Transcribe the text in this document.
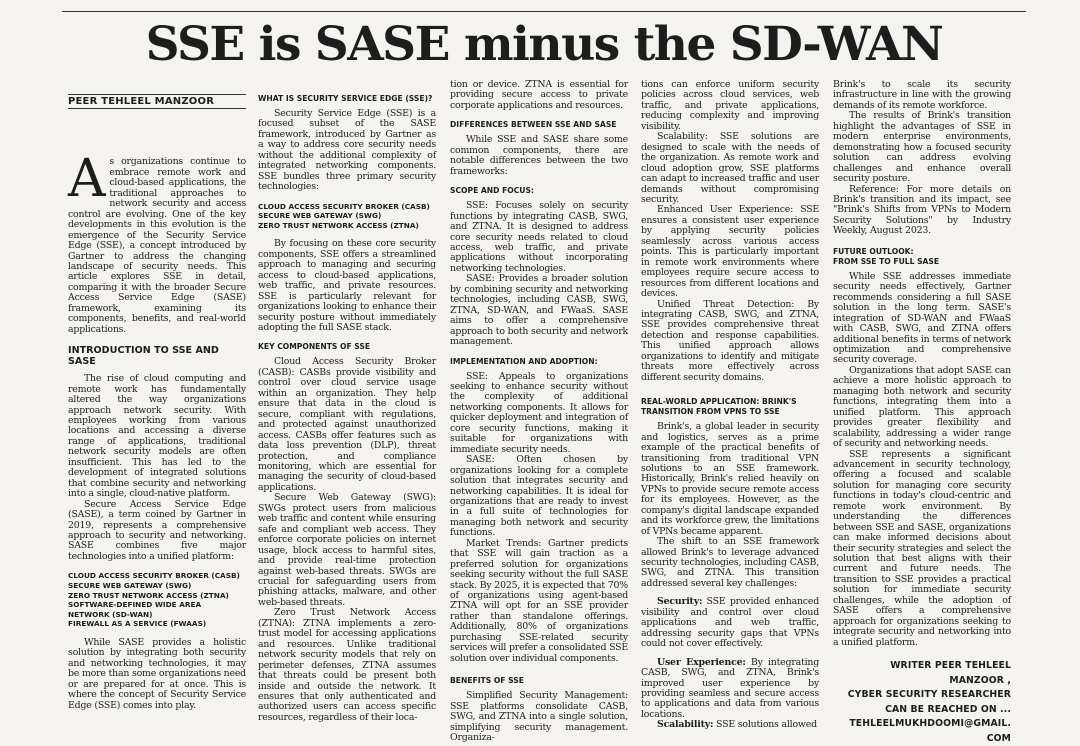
SSE is SASE minus the SD-WAN
PEER TEHLEEL MANZOOR

As organizations continue to embrace remote work and cloud-based applications, the traditional approaches to network security and access control are evolving. One of the key developments in this evolution is the emergence of the Security Service Edge (SSE), a concept introduced by Gartner to address the changing landscape of security needs. This article explores SSE in detail, comparing it with the broader Secure Access Service Edge (SASE) framework, examining its components, benefits, and real-world applications.

INTRODUCTION TO SSE AND SASE

The rise of cloud computing and remote work has fundamentally altered the way organizations approach network security. With employees working from various locations and accessing a diverse range of applications, traditional network security models are often insufficient. This has led to the development of integrated solutions that combine security and networking into a single, cloud-native platform.

Secure Access Service Edge (SASE), a term coined by Gartner in 2019, represents a comprehensive approach to security and networking. SASE combines five major technologies into a unified platform:

CLOUD ACCESS SECURITY BROKER (CASB)
SECURE WEB GATEWAY (SWG)
ZERO TRUST NETWORK ACCESS (ZTNA)
SOFTWARE-DEFINED WIDE AREA
NETWORK (SD-WAN)
FIREWALL AS A SERVICE (FWAAS)

While SASE provides a holistic solution by integrating both security and networking technologies, it may be more than some organizations need or are prepared for at once. This is where the concept of Security Service Edge (SSE) comes into play.

WHAT IS SECURITY SERVICE EDGE (SSE)?

Security Service Edge (SSE) is a focused subset of the SASE framework, introduced by Gartner as a way to address core security needs without the additional complexity of integrated networking components. SSE bundles three primary security technologies:

CLOUD ACCESS SECURITY BROKER (CASB)
SECURE WEB GATEWAY (SWG)
ZERO TRUST NETWORK ACCESS (ZTNA)

By focusing on these core security components, SSE offers a streamlined approach to managing and securing access to cloud-based applications, web traffic, and private resources. SSE is particularly relevant for organizations looking to enhance their security posture without immediately adopting the full SASE stack.

KEY COMPONENTS OF SSE

Cloud Access Security Broker (CASB): CASBs provide visibility and control over cloud service usage within an organization. They help ensure that data in the cloud is secure, compliant with regulations, and protected against unauthorized access. CASBs offer features such as data loss prevention (DLP), threat protection, and compliance monitoring, which are essential for managing the security of cloud-based applications.

Secure Web Gateway (SWG): SWGs protect users from malicious web traffic and content while ensuring safe and compliant web access. They enforce corporate policies on internet usage, block access to harmful sites, and provide real-time protection against web-based threats. SWGs are crucial for safeguarding users from phishing attacks, malware, and other web-based threats.

Zero Trust Network Access (ZTNA): ZTNA implements a zero-trust model for accessing applications and resources. Unlike traditional network security models that rely on perimeter defenses, ZTNA assumes that threats could be present both inside and outside the network. It ensures that only authenticated and authorized users can access specific resources, regardless of their loca-

tion or device. ZTNA is essential for providing secure access to private corporate applications and resources.

DIFFERENCES BETWEEN SSE AND SASE

While SSE and SASE share some common components, there are notable differences between the two frameworks:

SCOPE AND FOCUS:

SSE: Focuses solely on security functions by integrating CASB, SWG, and ZTNA. It is designed to address core security needs related to cloud access, web traffic, and private applications without incorporating networking technologies.

SASE: Provides a broader solution by combining security and networking technologies, including CASB, SWG, ZTNA, SD-WAN, and FWaaS. SASE aims to offer a comprehensive approach to both security and network management.

IMPLEMENTATION AND ADOPTION:

SSE: Appeals to organizations seeking to enhance security without the complexity of additional networking components. It allows for quicker deployment and integration of core security functions, making it suitable for organizations with immediate security needs.

SASE: Often chosen by organizations looking for a complete solution that integrates security and networking capabilities. It is ideal for organizations that are ready to invest in a full suite of technologies for managing both network and security functions.

Market Trends: Gartner predicts that SSE will gain traction as a preferred solution for organizations seeking security without the full SASE stack. By 2025, it is expected that 70% of organizations using agent-based ZTNA will opt for an SSE provider rather than standalone offerings. Additionally, 80% of organizations purchasing SSE-related security services will prefer a consolidated SSE solution over individual components.

BENEFITS OF SSE

Simplified Security Management: SSE platforms consolidate CASB, SWG, and ZTNA into a single solution, simplifying security management. Organiza-

tions can enforce uniform security policies across cloud services, web traffic, and private applications, reducing complexity and improving visibility.

Scalability: SSE solutions are designed to scale with the needs of the organization. As remote work and cloud adoption grow, SSE platforms can adapt to increased traffic and user demands without compromising security.

Enhanced User Experience: SSE ensures a consistent user experience by applying security policies seamlessly across various access points. This is particularly important in remote work environments where employees require secure access to resources from different locations and devices.

Unified Threat Detection: By integrating CASB, SWG, and ZTNA, SSE provides comprehensive threat detection and response capabilities. This unified approach allows organizations to identify and mitigate threats more effectively across different security domains.

REAL-WORLD APPLICATION: BRINK'S TRANSITION FROM VPNS TO SSE

Brink's, a global leader in security and logistics, serves as a prime example of the practical benefits of transitioning from traditional VPN solutions to an SSE framework. Historically, Brink's relied heavily on VPNs to provide secure remote access for its employees. However, as the company's digital landscape expanded and its workforce grew, the limitations of VPNs became apparent.

The shift to an SSE framework allowed Brink's to leverage advanced security technologies, including CASB, SWG, and ZTNA. This transition addressed several key challenges:

Security: SSE provided enhanced visibility and control over cloud applications and web traffic, addressing security gaps that VPNs could not cover effectively.

User Experience: By integrating CASB, SWG, and ZTNA, Brink's improved user experience by providing seamless and secure access to applications and data from various locations.

Scalability: SSE solutions allowed

Brink's to scale its security infrastructure in line with the growing demands of its remote workforce.

The results of Brink's transition highlight the advantages of SSE in modern enterprise environments, demonstrating how a focused security solution can address evolving challenges and enhance overall security posture.

Reference: For more details on Brink's transition and its impact, see "Brink's Shifts from VPNs to Modern Security Solutions" by Industry Weekly, August 2023.

FUTURE OUTLOOK:
FROM SSE TO FULL SASE

While SSE addresses immediate security needs effectively, Gartner recommends considering a full SASE solution in the long term. SASE's integration of SD-WAN and FWaaS with CASB, SWG, and ZTNA offers additional benefits in terms of network optimization and comprehensive security coverage.

Organizations that adopt SASE can achieve a more holistic approach to managing both network and security functions, integrating them into a unified platform. This approach provides greater flexibility and scalability, addressing a wider range of security and networking needs.

SSE represents a significant advancement in security technology, offering a focused and scalable solution for managing core security functions in today's cloud-centric and remote work environment. By understanding the differences between SSE and SASE, organizations can make informed decisions about their security strategies and select the solution that best aligns with their current and future needs. The transition to SSE provides a practical solution for immediate security challenges, while the adoption of SASE offers a comprehensive approach for organizations seeking to integrate security and networking into a unified platform.

WRITER PEER TEHLEEL MANZOOR ,
CYBER SECURITY RESEARCHER
CAN BE REACHED ON ...
TEHLEELMUKHDOOMI@GMAIL.
COM
